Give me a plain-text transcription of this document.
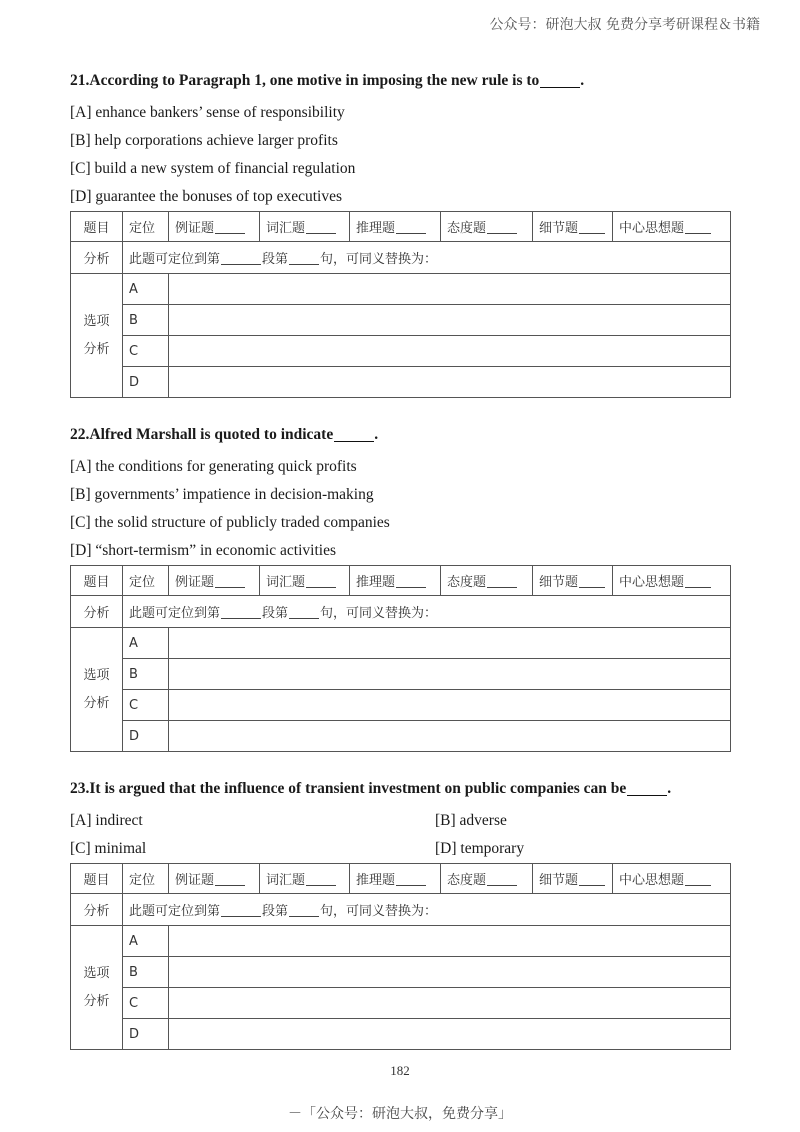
公众号：研泡大叔 免费分享考研课程＆书籍
21.According to Paragraph 1, one motive in imposing the new rule is to	.
[A] enhance bankers’ sense of responsibility
[B] help corporations achieve larger profits
[C] build a new system of financial regulation
[D] guarantee the bonuses of top executives
题目	定位	例证题	词汇题	推理题	态度题	细节题	中心思想题
分析	此题可定位到第 段第 句，可同义替换为：						
选项
分析	A						
	B						
	C						
	D						
22.Alfred Marshall is quoted to indicate	.
[A] the conditions for generating quick profits
[B] governments’ impatience in decision-making
[C] the solid structure of publicly traded companies
[D] “short-termism” in economic activities
题目	定位	例证题	词汇题	推理题	态度题	细节题	中心思想题
分析	此题可定位到第 段第 句，可同义替换为：						
选项
分析	A						
	B						
	C						
	D						
23.It is argued that the influence of transient investment on public companies can be	.
[A] indirect	[B] adverse
[C] minimal	[D] temporary
题目	定位	例证题	词汇题	推理题	态度题	细节题	中心思想题
分析	此题可定位到第 段第 句，可同义替换为：						
选项
分析	A						
	B						
	C						
	D						
182
－「公众号：研泡大叔，免费分享」
